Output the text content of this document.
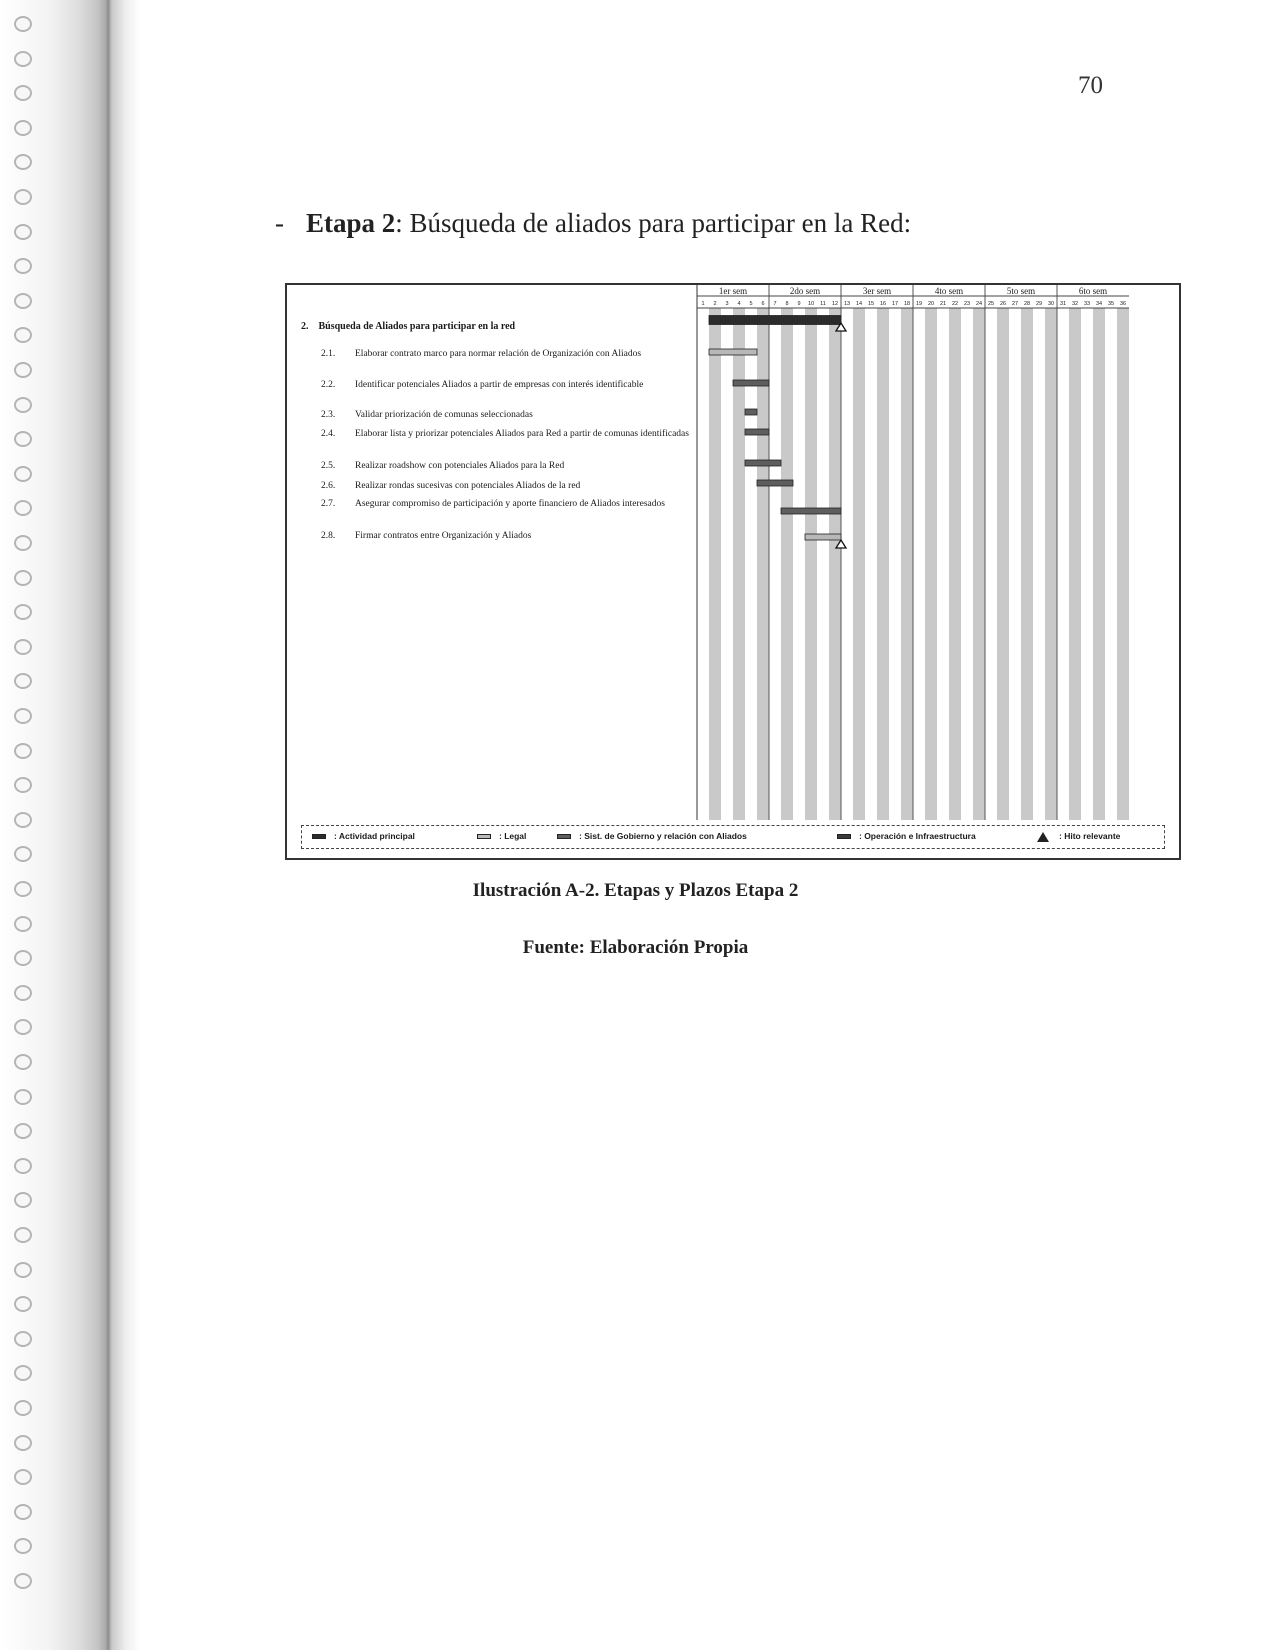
70
- Etapa 2: Búsqueda de aliados para participar en la Red:
2. Búsqueda de Aliados para participar en la red
2.1. Elaborar contrato marco para normar relación de Organización con Aliados
2.2. Identificar potenciales Aliados a partir de empresas con interés identificable
2.3. Validar priorización de comunas seleccionadas
2.4. Elaborar lista y priorizar potenciales Aliados para Red a partir de comunas identificadas
2.5. Realizar roadshow con potenciales Aliados para la Red
2.6. Realizar rondas sucesivas con potenciales Aliados de la red
2.7. Asegurar compromiso de participación y aporte financiero de Aliados interesados
2.8. Firmar contratos entre Organización y Aliados
1er sem	2do sem	3er sem	4to sem	5to sem	6to sem
1 2 3 4 5 6 7 8 9 10 11 12 13 14 15 16 17 18 19 20 21 22 23 24 25 26 27 28 29 30 31 32 33 34 35 36
: Actividad principal	: Legal	: Sist. de Gobierno y relación con Aliados	: Operación e Infraestructura	: Hito relevante
Ilustración A-2. Etapas y Plazos Etapa 2
Fuente: Elaboración Propia
